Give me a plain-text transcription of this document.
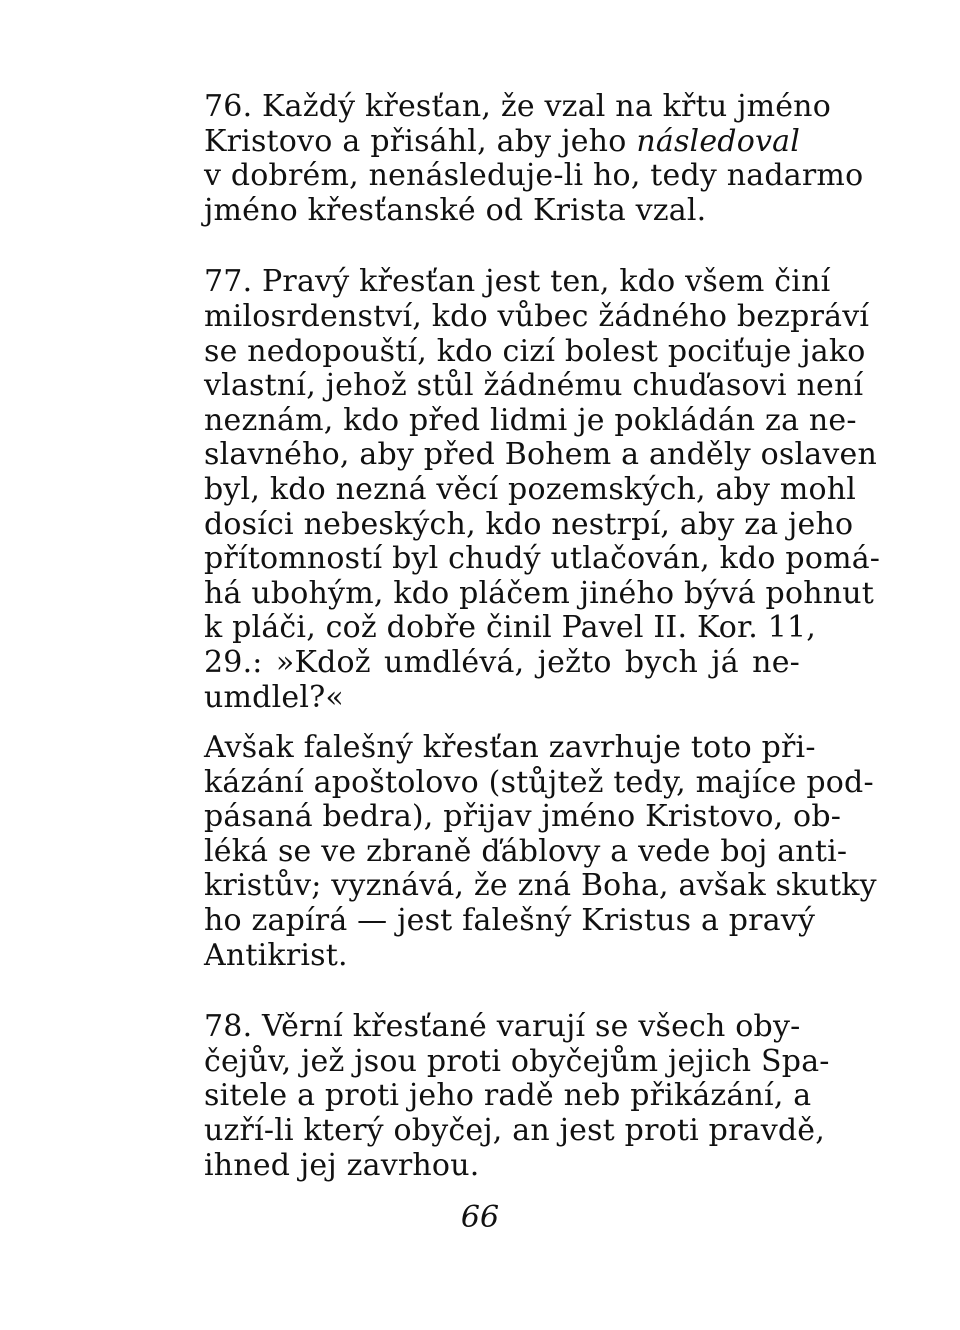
76. Každý křesťan, že vzal na křtu jméno
Kristovo a přisáhl, aby jeho následoval
v dobrém, nenásleduje-li ho, tedy nadarmo
jméno křesťanské od Krista vzal.

77. Pravý křesťan jest ten, kdo všem činí
milosrdenství, kdo vůbec žádného bezpráví
se nedopouští, kdo cizí bolest pociťuje jako
vlastní, jehož stůl žádnému chuďasovi není
neznám, kdo před lidmi je pokládán za ne-
slavného, aby před Bohem a anděly oslaven
byl, kdo nezná věcí pozemských, aby mohl
dosíci nebeských, kdo nestrpí, aby za jeho
přítomností byl chudý utlačován, kdo pomá-
há ubohým, kdo pláčem jiného bývá pohnut
k pláči, což dobře činil Pavel II. Kor. 11,
29.: »Kdož umdlévá, ježto bych já ne-
umdlel?«

Avšak falešný křesťan zavrhuje toto při-
kázání apoštolovo (stůjtež tedy, majíce pod-
pásaná bedra), přijav jméno Kristovo, ob-
léká se ve zbraně ďáblovy a vede boj anti-
kristův; vyznává, že zná Boha, avšak skutky
ho zapírá — jest falešný Kristus a pravý
Antikrist.

78. Věrní křesťané varují se všech oby-
čejův, jež jsou proti obyčejům jejich Spa-
sitele a proti jeho radě neb přikázání, a
uzří-li který obyčej, an jest proti pravdě,
ihned jej zavrhou.

66
